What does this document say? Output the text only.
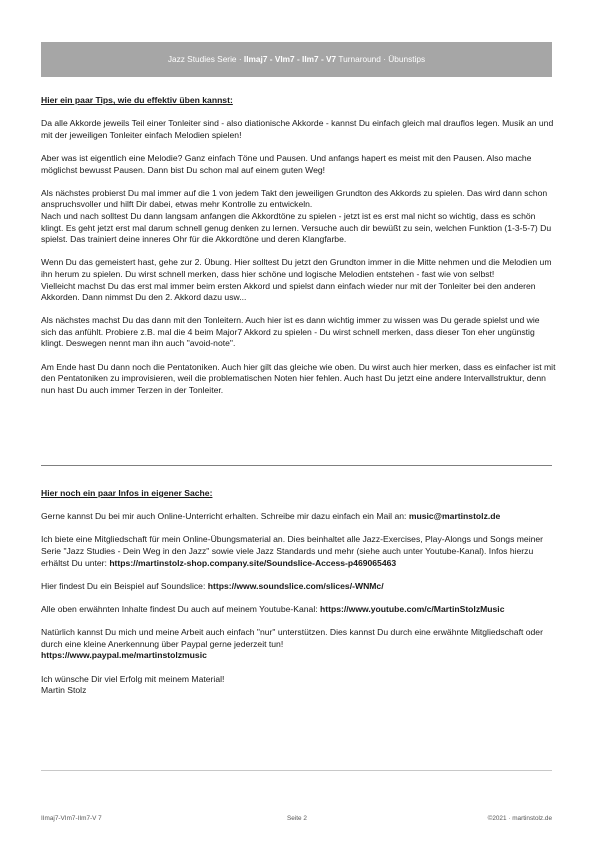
Jazz Studies Serie · IImaj7 - VIm7 - IIm7 - V7 Turnaround · Übunstips

Hier ein paar Tips, wie du effektiv üben kannst:

Da alle Akkorde jeweils Teil einer Tonleiter sind - also diationische Akkorde - kannst Du einfach gleich mal drauflos legen. Musik an und mit der jeweiligen Tonleiter einfach Melodien spielen!

Aber was ist eigentlich eine Melodie? Ganz einfach Töne und Pausen. Und anfangs hapert es meist mit den Pausen. Also mache möglichst bewusst Pausen. Dann bist Du schon mal auf einem guten Weg!

Als nächstes probierst Du mal immer auf die 1 von jedem Takt den jeweiligen Grundton des Akkords zu spielen. Das wird dann schon anspruchsvoller und hilft Dir dabei, etwas mehr Kontrolle zu entwickeln.
Nach und nach solltest Du dann langsam anfangen die Akkordtöne zu spielen - jetzt ist es erst mal nicht so wichtig, dass es schön klingt. Es geht jetzt erst mal darum schnell genug denken zu lernen. Versuche auch dir bewüßt zu sein, welchen Funktion (1-3-5-7) Du spielst. Das trainiert deine inneres Ohr für die Akkordtöne und deren Klangfarbe.

Wenn Du das gemeistert hast, gehe zur 2. Übung. Hier solltest Du jetzt den Grundton immer in die Mitte nehmen und die Melodien um ihn herum zu spielen. Du wirst schnell merken, dass hier schöne und logische Melodien entstehen - fast wie von selbst!
Vielleicht machst Du das erst mal immer beim ersten Akkord und spielst dann einfach wieder nur mit der Tonleiter bei den anderen Akkorden. Dann nimmst Du den 2. Akkord dazu usw...

Als nächstes machst Du das dann mit den Tonleitern. Auch hier ist es dann wichtig immer zu wissen was Du gerade spielst und wie sich das anfühlt. Probiere z.B. mal die 4 beim Major7 Akkord zu spielen - Du wirst schnell merken, dass dieser Ton eher ungünstig klingt. Deswegen nennt man ihn auch "avoid-note".

Am Ende hast Du dann noch die Pentatoniken. Auch hier gilt das gleiche wie oben. Du wirst auch hier merken, dass es einfacher ist mit den Pentatoniken zu improvisieren, weil die problematischen Noten hier fehlen. Auch hast Du jetzt eine andere Intervallstruktur, denn nun hast Du auch immer Terzen in der Tonleiter.

Hier noch ein paar Infos in eigener Sache:

Gerne kannst Du bei mir auch Online-Unterricht erhalten. Schreibe mir dazu einfach ein Mail an: music@martinstolz.de

Ich biete eine Mitgliedschaft für mein Online-Übungsmaterial an. Dies beinhaltet alle Jazz-Exercises, Play-Alongs und Songs meiner Serie "Jazz Studies - Dein Weg in den Jazz" sowie viele Jazz Standards und mehr (siehe auch unter Youtube-Kanal). Infos hierzu erhältst Du unter: https://martinstolz-shop.company.site/Soundslice-Access-p469065463

Hier findest Du ein Beispiel auf Soundslice: https://www.soundslice.com/slices/-WNMc/

Alle oben erwähnten Inhalte findest Du auch auf meinem Youtube-Kanal: https://www.youtube.com/c/MartinStolzMusic

Natürlich kannst Du mich und meine Arbeit auch einfach "nur" unterstützen. Dies kannst Du durch eine erwähnte Mitgliedschaft oder durch eine kleine Anerkennung über Paypal gerne jederzeit tun!
https://www.paypal.me/martinstolzmusic

Ich wünsche Dir viel Erfolg mit meinem Material!
Martin Stolz

IImaj7-VIm7-IIm7-V 7	Seite 2	©2021 · martinstolz.de
